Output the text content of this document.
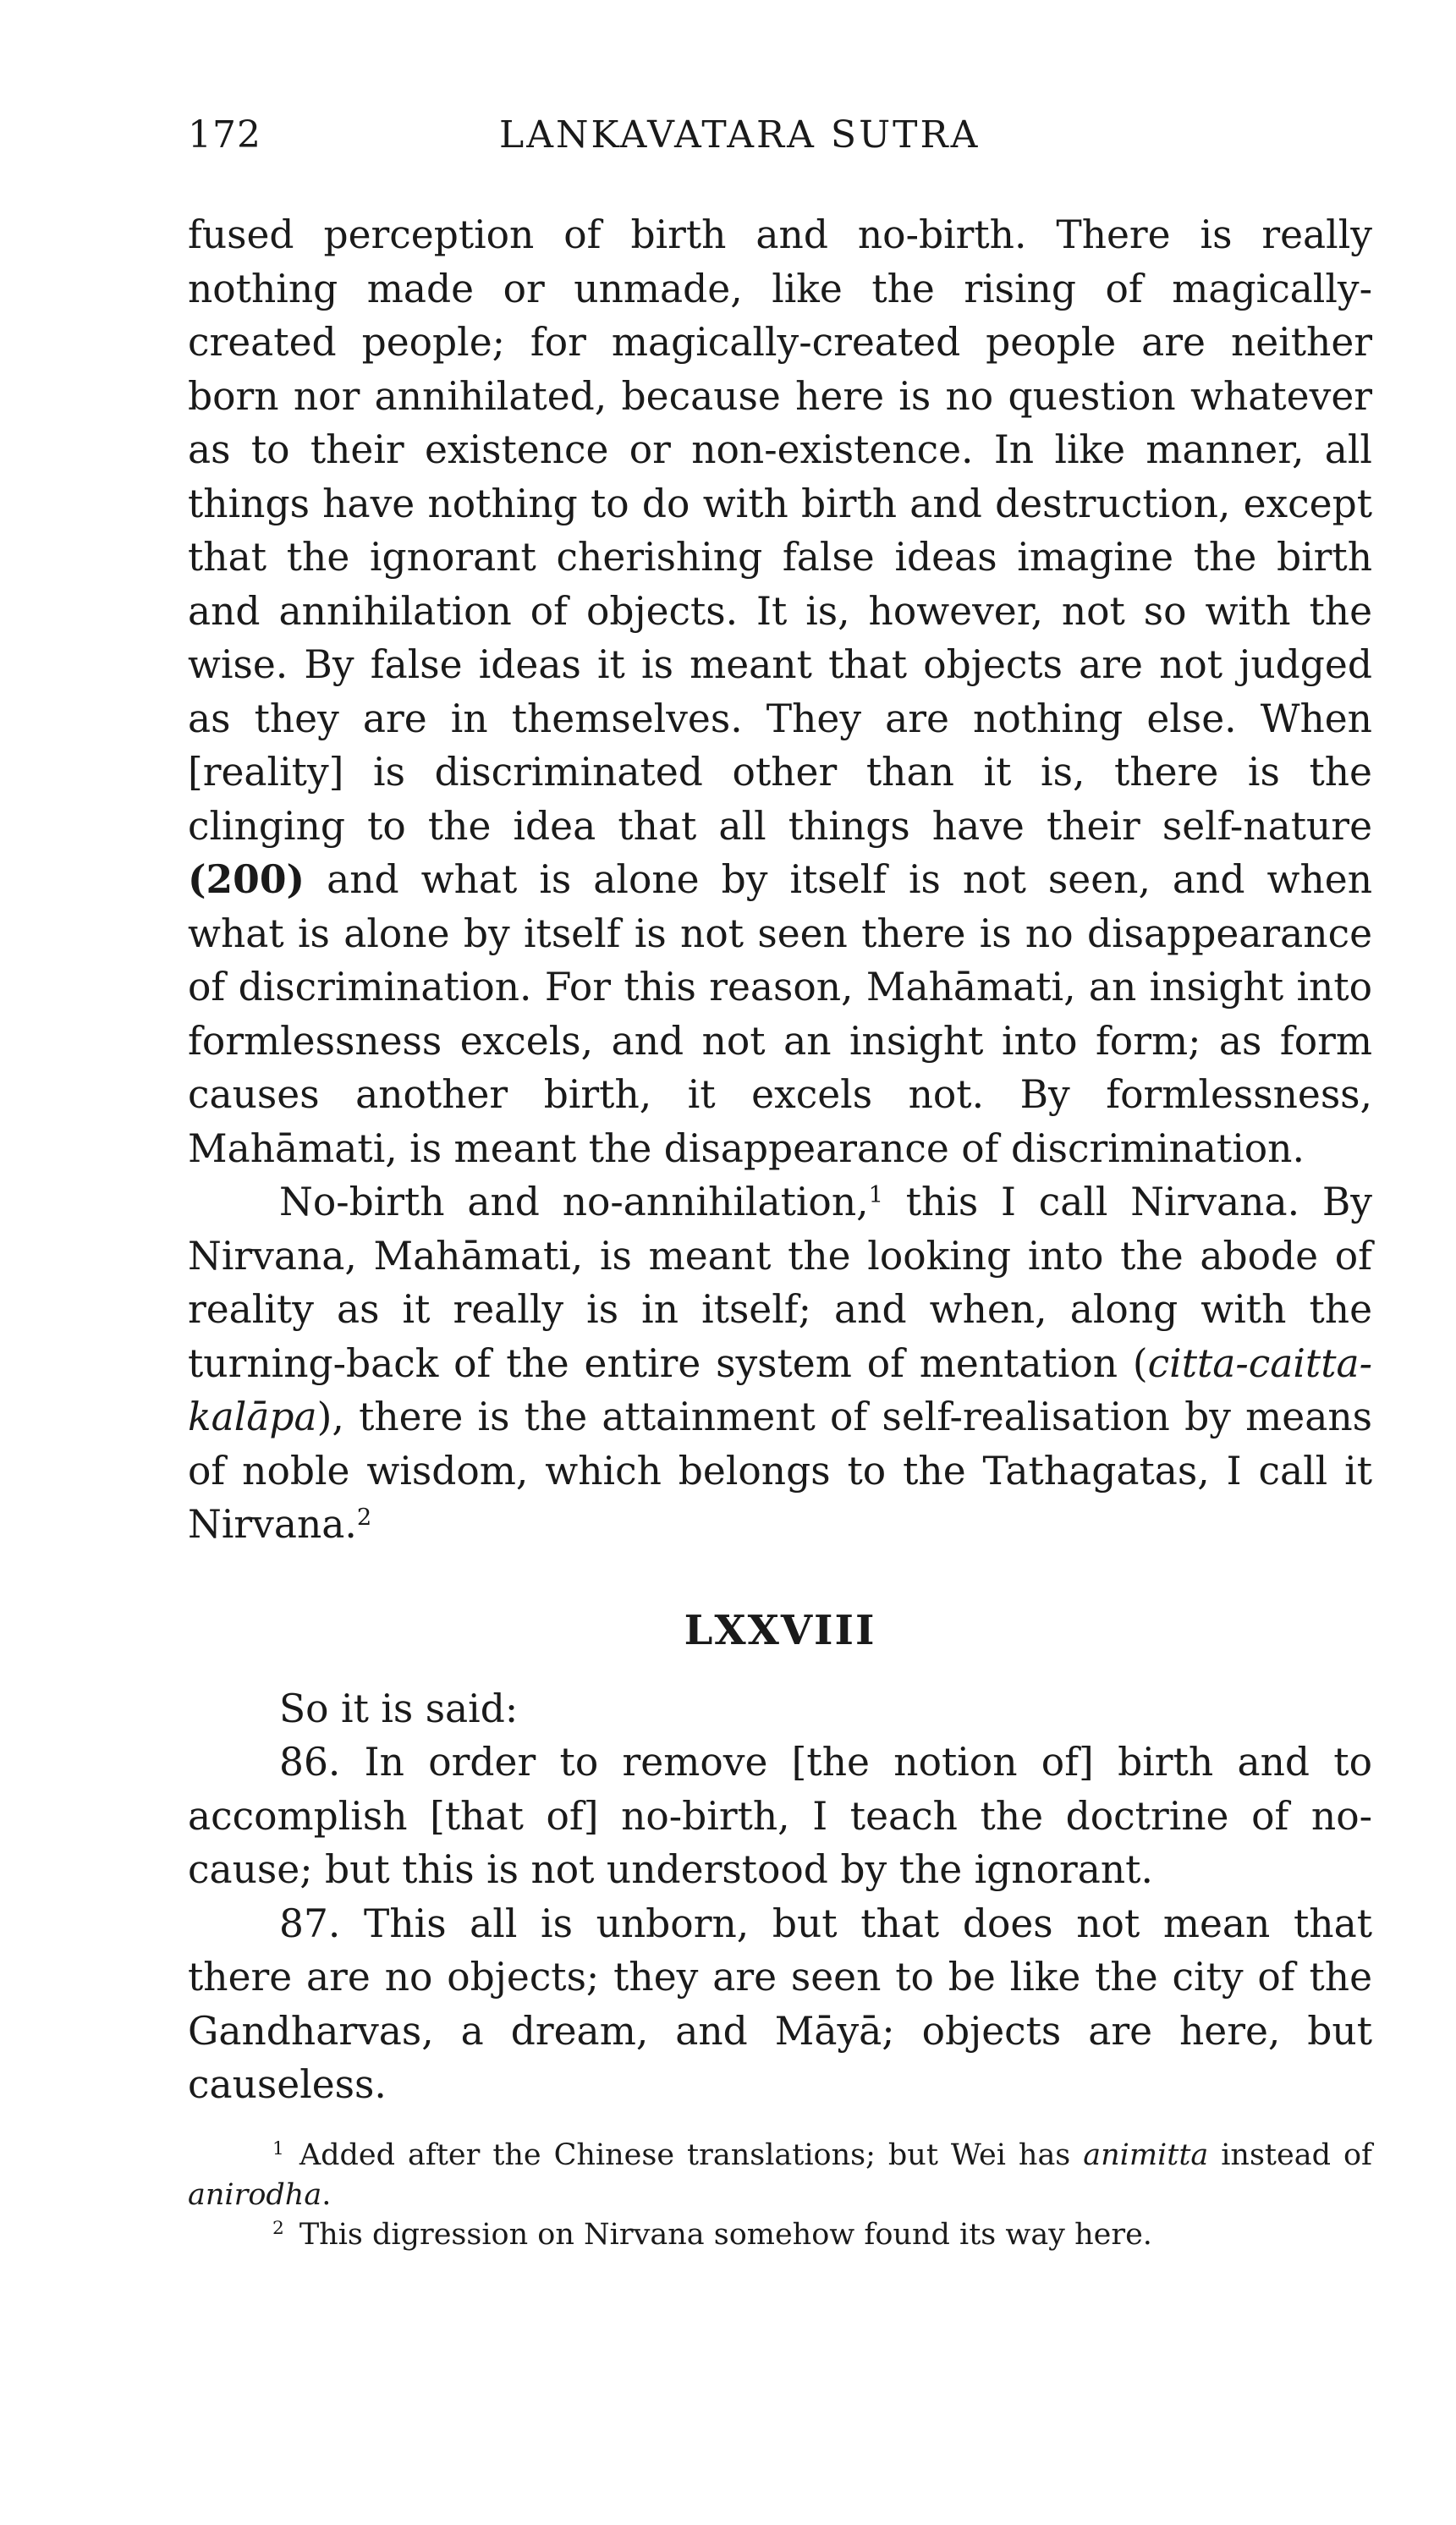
172	LANKAVATARA SUTRA

fused perception of birth and no-birth. There is really nothing made or unmade, like the rising of magically-created people; for magically-created people are neither born nor annihilated, because here is no question whatever as to their existence or non-existence. In like manner, all things have nothing to do with birth and destruction, except that the ignorant cherishing false ideas imagine the birth and annihilation of objects. It is, however, not so with the wise. By false ideas it is meant that objects are not judged as they are in themselves. They are nothing else. When [reality] is discriminated other than it is, there is the clinging to the idea that all things have their self-nature (200) and what is alone by itself is not seen, and when what is alone by itself is not seen there is no disappearance of discrimination. For this reason, Mahāmati, an insight into formlessness excels, and not an insight into form; as form causes another birth, it excels not. By formlessness, Mahāmati, is meant the disappearance of discrimination.

No-birth and no-annihilation,$^1$ this I call Nirvana. By Nirvana, Mahāmati, is meant the looking into the abode of reality as it really is in itself; and when, along with the turning-back of the entire system of mentation (citta-caitta-kalāpa), there is the attainment of self-realisation by means of noble wisdom, which belongs to the Tathagatas, I call it Nirvana.$^2$

LXXVIII

So it is said:

86. In order to remove [the notion of] birth and to accomplish [that of] no-birth, I teach the doctrine of no-cause; but this is not understood by the ignorant.

87. This all is unborn, but that does not mean that there are no objects; they are seen to be like the city of the Gandharvas, a dream, and Māyā; objects are here, but causeless.

$^1$ Added after the Chinese translations; but Wei has animitta instead of anirodha.

$^2$ This digression on Nirvana somehow found its way here.
